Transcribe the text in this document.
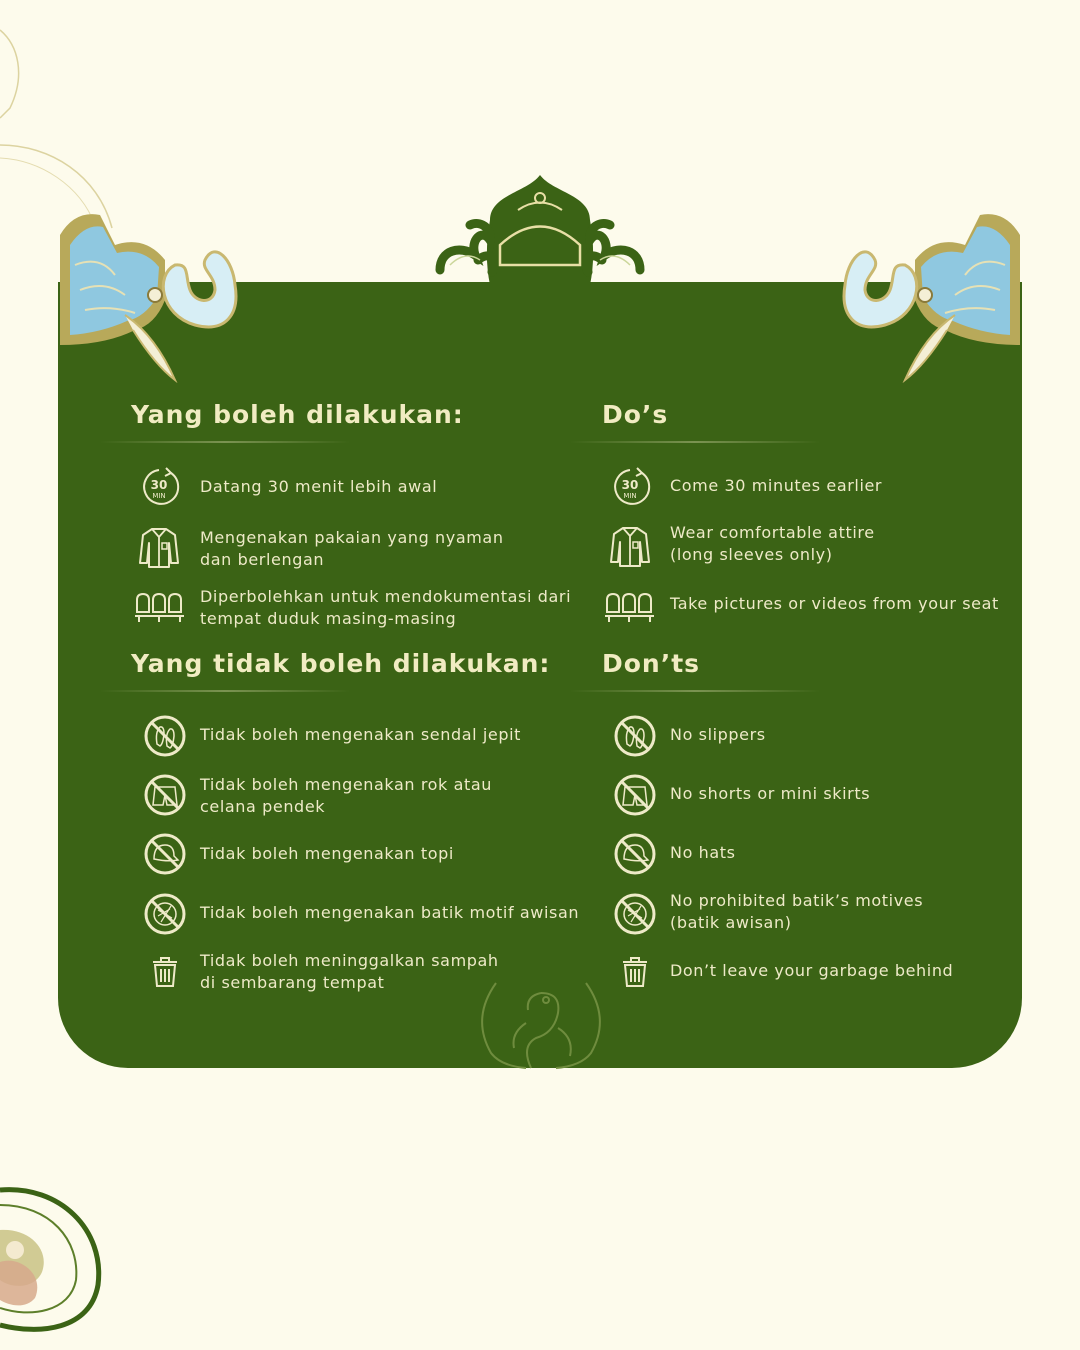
Yang boleh dilakukan:
30
MIN Datang 30 menit lebih awal
Mengenakan pakaian yang nyaman
dan berlengan
Diperbolehkan untuk mendokumentasi dari
tempat duduk masing-masing
Do’s
30
MIN
Come 30 minutes earlier
Wear comfortable attire
(long sleeves only)
Take pictures or videos from your seat
Yang tidak boleh dilakukan:
Tidak boleh mengenakan sendal jepit
Tidak boleh mengenakan rok atau
celana pendek
Tidak boleh mengenakan topi
Tidak boleh mengenakan batik motif awisan
Tidak boleh meninggalkan sampah
di sembarang tempat
Don’ts
No slippers
No shorts or mini skirts
No hats
No prohibited batik’s motives
(batik awisan)
Don’t leave your garbage behind
